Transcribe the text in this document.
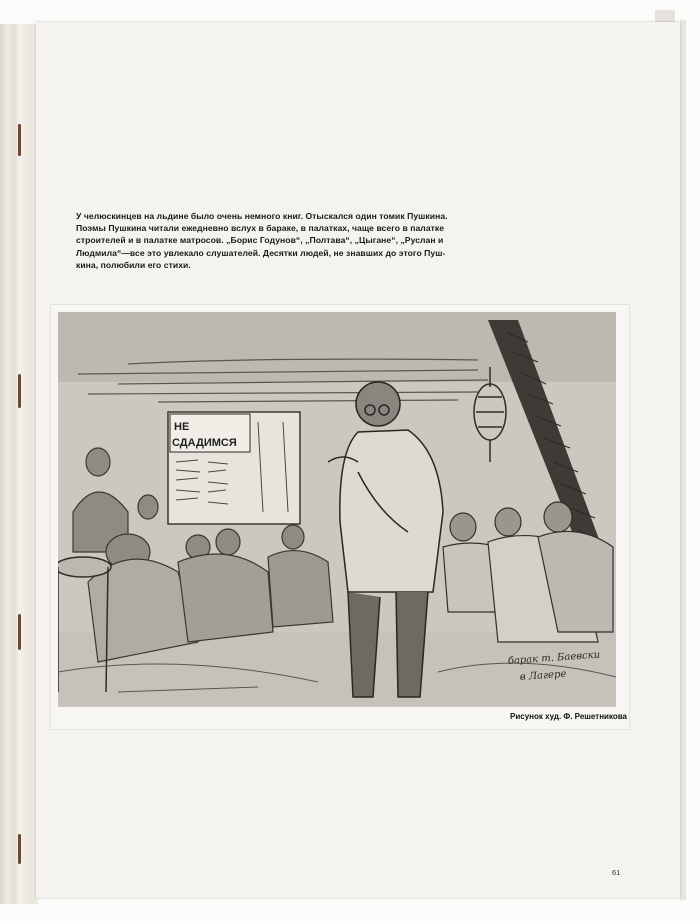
У челюскинцев на льдине было очень немного книг. Отыскался один томик Пушкина.
Поэмы Пушкина читали ежедневно вслух в бараке, в палатках, чаще всего в палатке
строителей и в палатке матросов. „Борис Годунов“, „Полтава“, „Цыгане“, „Руслан и
Людмила“—все это увлекало слушателей. Десятки людей, не знавших до этого Пуш-
кина, полюбили его стихи.

НЕ
СДАДИМСЯ
барак т. Баевски
в Лагере
Рисунок худ. Ф. Решетникова
61
